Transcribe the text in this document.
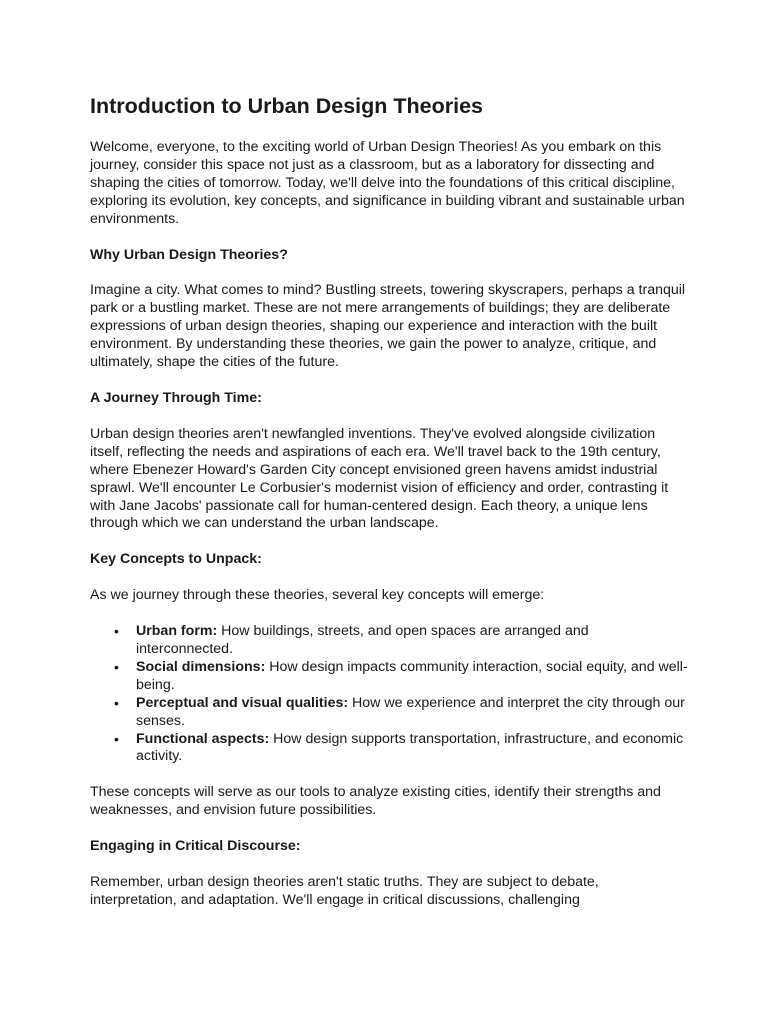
Introduction to Urban Design Theories

Welcome, everyone, to the exciting world of Urban Design Theories! As you embark on this journey, consider this space not just as a classroom, but as a laboratory for dissecting and shaping the cities of tomorrow. Today, we'll delve into the foundations of this critical discipline, exploring its evolution, key concepts, and significance in building vibrant and sustainable urban environments.

Why Urban Design Theories?

Imagine a city. What comes to mind? Bustling streets, towering skyscrapers, perhaps a tranquil park or a bustling market. These are not mere arrangements of buildings; they are deliberate expressions of urban design theories, shaping our experience and interaction with the built environment. By understanding these theories, we gain the power to analyze, critique, and ultimately, shape the cities of the future.

A Journey Through Time:

Urban design theories aren't newfangled inventions. They've evolved alongside civilization itself, reflecting the needs and aspirations of each era. We'll travel back to the 19th century, where Ebenezer Howard's Garden City concept envisioned green havens amidst industrial sprawl. We'll encounter Le Corbusier's modernist vision of efficiency and order, contrasting it with Jane Jacobs' passionate call for human-centered design. Each theory, a unique lens through which we can understand the urban landscape.

Key Concepts to Unpack:

As we journey through these theories, several key concepts will emerge:

• Urban form: How buildings, streets, and open spaces are arranged and interconnected.
• Social dimensions: How design impacts community interaction, social equity, and well-being.
• Perceptual and visual qualities: How we experience and interpret the city through our senses.
• Functional aspects: How design supports transportation, infrastructure, and economic activity.

These concepts will serve as our tools to analyze existing cities, identify their strengths and weaknesses, and envision future possibilities.

Engaging in Critical Discourse:

Remember, urban design theories aren't static truths. They are subject to debate, interpretation, and adaptation. We'll engage in critical discussions, challenging
